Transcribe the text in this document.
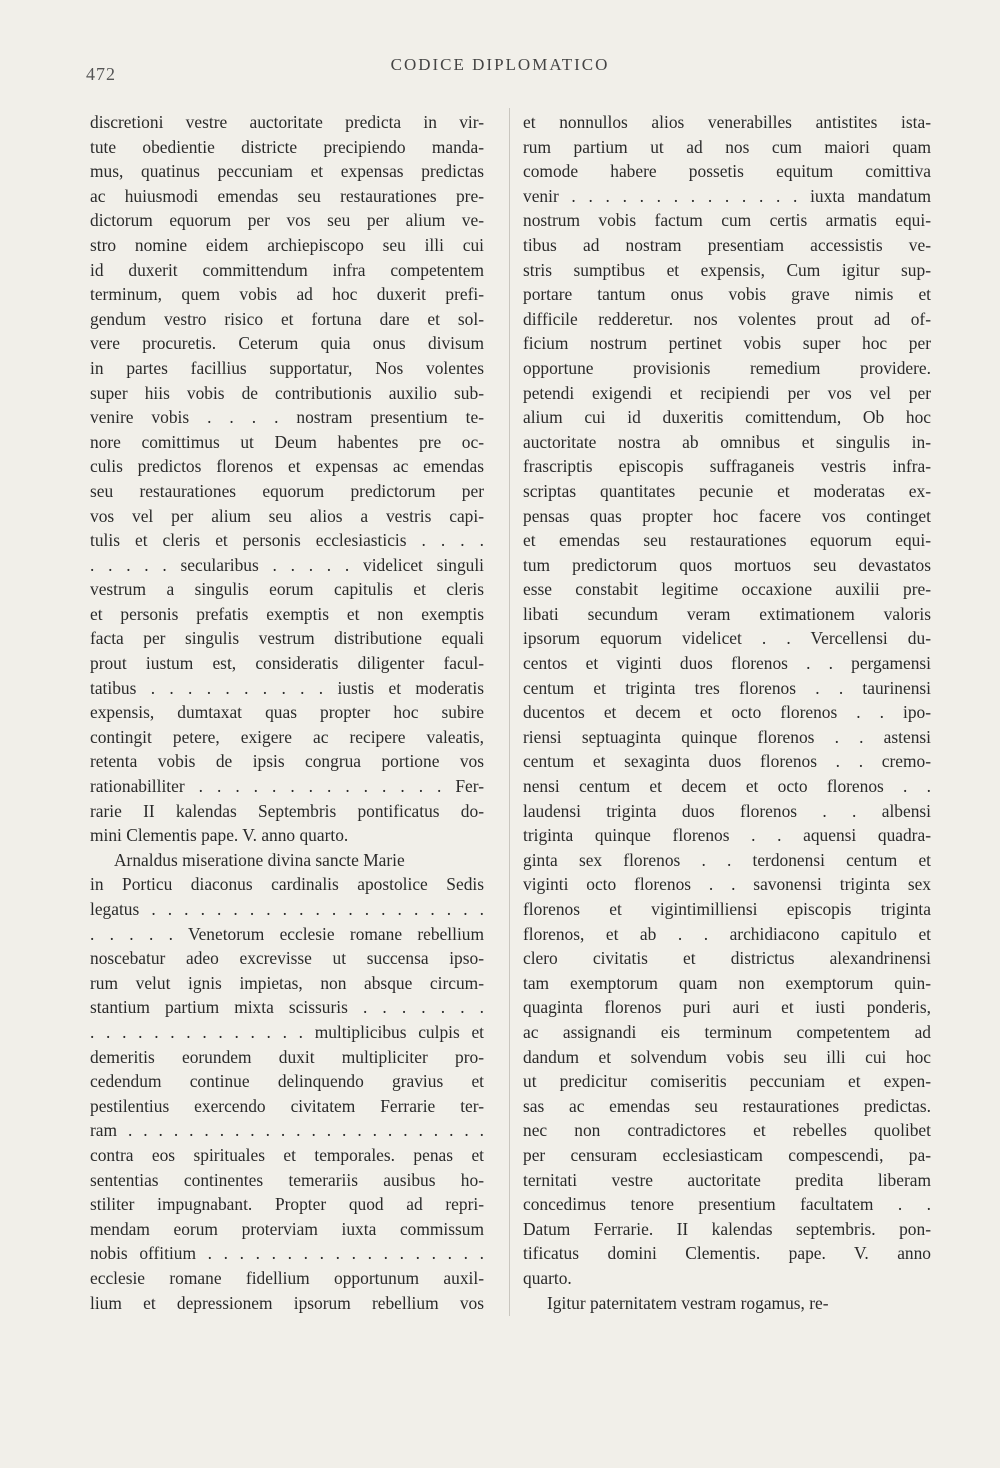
472	CODICE DIPLOMATICO
discretioni vestre auctoritate predicta in vir-
tute obedientie districte precipiendo manda-
mus, quatinus peccuniam et expensas predictas
ac huiusmodi emendas seu restaurationes pre-
dictorum equorum per vos seu per alium ve-
stro nomine eidem archiepiscopo seu illi cui
id duxerit committendum infra competentem
terminum, quem vobis ad hoc duxerit prefi-
gendum vestro risico et fortuna dare et sol-
vere procuretis. Ceterum quia onus divisum
in partes facillius supportatur, Nos volentes
super hiis vobis de contributionis auxilio sub-
venire vobis . . . . nostram presentium te-
nore comittimus ut Deum habentes pre oc-
culis predictos florenos et expensas ac emendas
seu restaurationes equorum predictorum per
vos vel per alium seu alios a vestris capi-
tulis et cleris et personis ecclesiasticis . . . .
. . . . . secularibus . . . . . videlicet singuli
vestrum a singulis eorum capitulis et cleris
et personis prefatis exemptis et non exemptis
facta per singulis vestrum distributione equali
prout iustum est, consideratis diligenter facul-
tatibus . . . . . . . . . . iustis et moderatis
expensis, dumtaxat quas propter hoc subire
contingit petere, exigere ac recipere valeatis,
retenta vobis de ipsis congrua portione vos
rationabilliter . . . . . . . . . . . . . . Fer-
rarie II kalendas Septembris pontificatus do-
mini Clementis pape. V. anno quarto.
Arnaldus miseratione divina sancte Marie
in Porticu diaconus cardinalis apostolice Sedis
legatus . . . . . . . . . . . . . . . . . . . . .
. . . . . Venetorum ecclesie romane rebellium
noscebatur adeo excrevisse ut succensa ipso-
rum velut ignis impietas, non absque circum-
stantium partium mixta scissuris . . . . . . .
. . . . . . . . . . . . . . multiplicibus culpis et
demeritis eorundem duxit multipliciter pro-
cedendum continue delinquendo gravius et
pestilentius exercendo civitatem Ferrarie ter-
ram . . . . . . . . . . . . . . . . . . . . . . . .
contra eos spirituales et temporales. penas et
sententias continentes temerariis ausibus ho-
stiliter impugnabant. Propter quod ad repri-
mendam eorum proterviam iuxta commissum
nobis offitium . . . . . . . . . . . . . . . . . .
ecclesie romane fidellium opportunum auxil-
lium et depressionem ipsorum rebellium vos
et nonnullos alios venerabilles antistites ista-
rum partium ut ad nos cum maiori quam
comode habere possetis equitum comittiva
venir . . . . . . . . . . . . . . iuxta mandatum
nostrum vobis factum cum certis armatis equi-
tibus ad nostram presentiam accessistis ve-
stris sumptibus et expensis, Cum igitur sup-
portare tantum onus vobis grave nimis et
difficile redderetur. nos volentes prout ad of-
ficium nostrum pertinet vobis super hoc per
opportune provisionis remedium providere.
petendi exigendi et recipiendi per vos vel per
alium cui id duxeritis comittendum, Ob hoc
auctoritate nostra ab omnibus et singulis in-
frascriptis episcopis suffraganeis vestris infra-
scriptas quantitates pecunie et moderatas ex-
pensas quas propter hoc facere vos continget
et emendas seu restaurationes equorum equi-
tum predictorum quos mortuos seu devastatos
esse constabit legitime occaxione auxilii pre-
libati secundum veram extimationem valoris
ipsorum equorum videlicet . . Vercellensi du-
centos et viginti duos florenos . . pergamensi
centum et triginta tres florenos . . taurinensi
ducentos et decem et octo florenos . . ipo-
riensi septuaginta quinque florenos . . astensi
centum et sexaginta duos florenos . . cremo-
nensi centum et decem et octo florenos . .
laudensi triginta duos florenos . . albensi
triginta quinque florenos . . aquensi quadra-
ginta sex florenos . . terdonensi centum et
viginti octo florenos . . savonensi triginta sex
florenos et vigintimilliensi episcopis triginta
florenos, et ab . . archidiacono capitulo et
clero civitatis et districtus alexandrinensi
tam exemptorum quam non exemptorum quin-
quaginta florenos puri auri et iusti ponderis,
ac assignandi eis terminum competentem ad
dandum et solvendum vobis seu illi cui hoc
ut predicitur comiseritis peccuniam et expen-
sas ac emendas seu restaurationes predictas.
nec non contradictores et rebelles quolibet
per censuram ecclesiasticam compescendi, pa-
ternitati vestre auctoritate predita liberam
concedimus tenore presentium facultatem . .
Datum Ferrarie. II kalendas septembris. pon-
tificatus domini Clementis. pape. V. anno
quarto.
Igitur paternitatem vestram rogamus, re-
